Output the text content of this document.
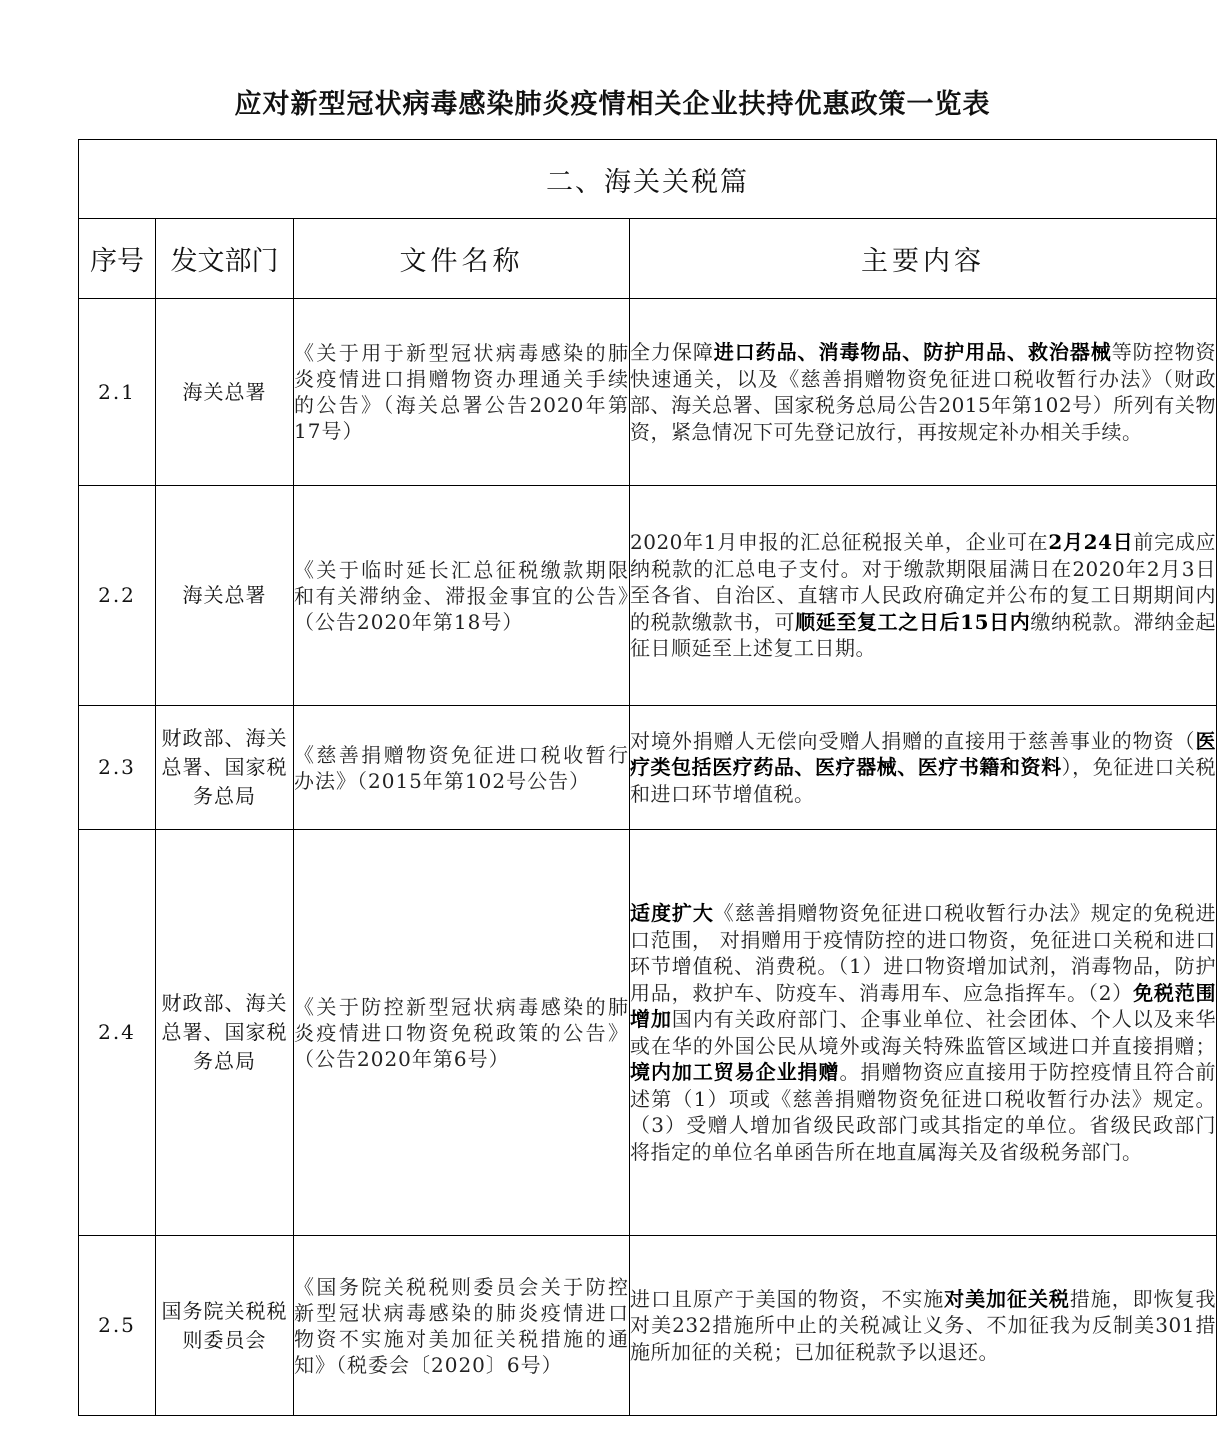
应对新型冠状病毒感染肺炎疫情相关企业扶持优惠政策一览表
二、海关关税篇			
序号	发文部门	文件名称	主要内容
2.1	海关总署	《关于用于新型冠状病毒感染的肺炎疫情进口捐赠物资办理通关手续的公告》（海关总署公告2020年第17号）	全力保障进口药品、消毒物品、防护用品、救治器械等防控物资快速通关，以及《慈善捐赠物资免征进口税收暂行办法》（财政部、海关总署、国家税务总局公告2015年第102号）所列有关物资，紧急情况下可先登记放行，再按规定补办相关手续。
2.2	海关总署	《关于临时延长汇总征税缴款期限和有关滞纳金、滞报金事宜的公告》（公告2020年第18号）	2020年1月申报的汇总征税报关单，企业可在2月24日前完成应纳税款的汇总电子支付。对于缴款期限届满日在2020年2月3日至各省、自治区、直辖市人民政府确定并公布的复工日期期间内的税款缴款书，可顺延至复工之日后15日内缴纳税款。滞纳金起征日顺延至上述复工日期。
2.3	财政部、海关总署、国家税务总局	《慈善捐赠物资免征进口税收暂行办法》（2015年第102号公告）	对境外捐赠人无偿向受赠人捐赠的直接用于慈善事业的物资（医疗类包括医疗药品、医疗器械、医疗书籍和资料），免征进口关税和进口环节增值税。
2.4	财政部、海关总署、国家税务总局	《关于防控新型冠状病毒感染的肺炎疫情进口物资免税政策的公告》（公告2020年第6号）	适度扩大《慈善捐赠物资免征进口税收暂行办法》规定的免税进口范围， 对捐赠用于疫情防控的进口物资，免征进口关税和进口环节增值税、消费税。（1）进口物资增加试剂，消毒物品，防护用品，救护车、防疫车、消毒用车、应急指挥车。（2）免税范围增加国内有关政府部门、企事业单位、社会团体、个人以及来华或在华的外国公民从境外或海关特殊监管区域进口并直接捐赠；境内加工贸易企业捐赠。捐赠物资应直接用于防控疫情且符合前述第（1）项或《慈善捐赠物资免征进口税收暂行办法》规定。（3）受赠人增加省级民政部门或其指定的单位。省级民政部门将指定的单位名单函告所在地直属海关及省级税务部门。
2.5	国务院关税税则委员会	《国务院关税税则委员会关于防控新型冠状病毒感染的肺炎疫情进口物资不实施对美加征关税措施的通知》（税委会〔2020〕6号）	进口且原产于美国的物资，不实施对美加征关税措施，即恢复我对美232措施所中止的关税减让义务、不加征我为反制美301措施所加征的关税；已加征税款予以退还。
